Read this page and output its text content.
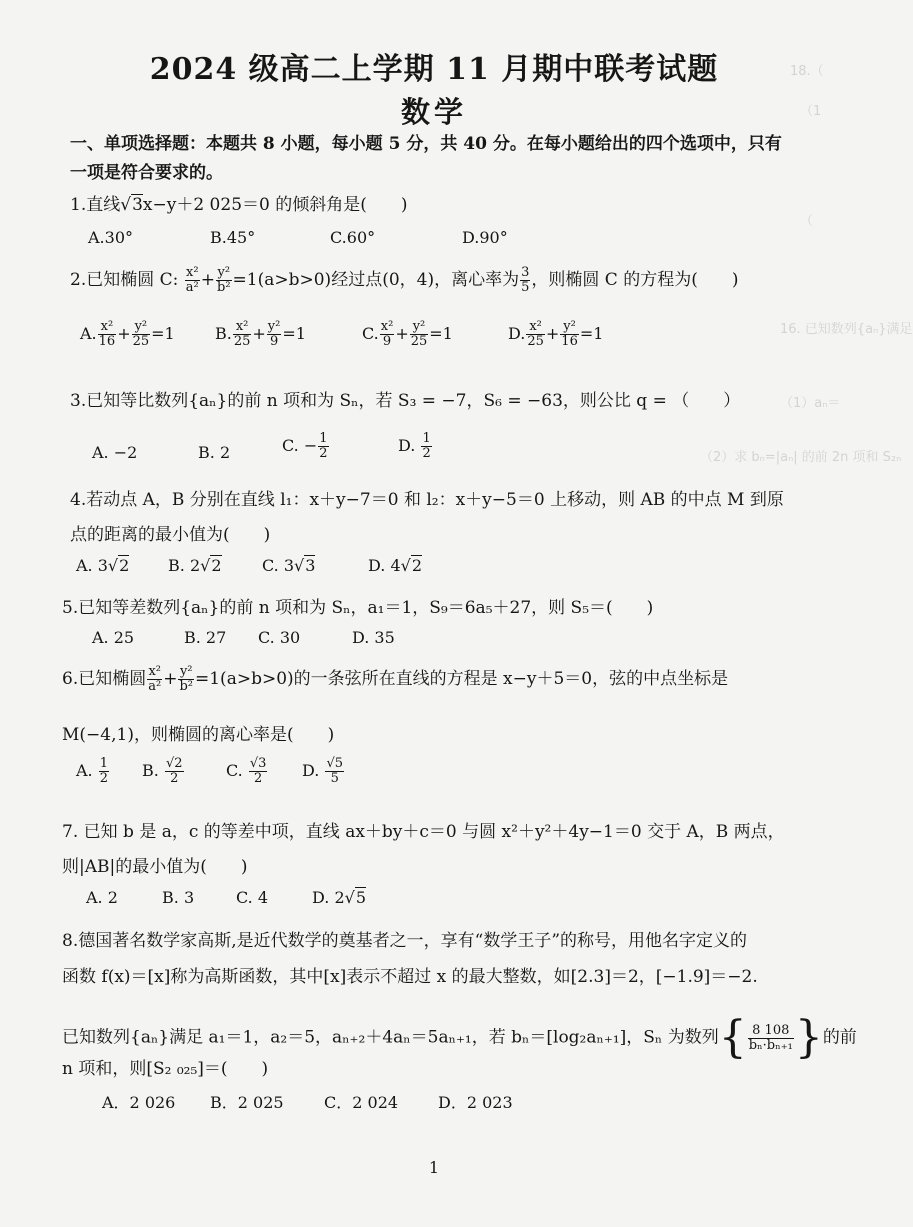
18.（
（1
（
16. 已知数列{aₙ}满足
（1）aₙ＝
（2）求 bₙ=|aₙ| 的前 2n 项和 S₂ₙ
2024 级高二上学期 11 月期中联考试题
数学
一、单项选择题：本题共 8 小题，每小题 5 分，共 40 分。在每小题给出的四个选项中，只有一项是符合要求的。
1.直线√3x−y＋2 025＝0 的倾斜角是(　　)
A.30°	B.45°	C.60°	D.90°
2.已知椭圆 C: $\frac{\text{x²}}{\text{a²}} + \frac{\text{y²}}{\text{b²}} =1(a>b>0)$经过点(0，4)，离心率为 $\frac{3}{5}$ ，则椭圆 C 的方程为(　　)
A. $\frac{\text{x²}}{16} + \frac{\text{y²}}{25} =1$	B. $\frac{\text{x²}}{25} + \frac{\text{y²}}{9} =1$	C. $\frac{\text{x²}}{9} + \frac{\text{y²}}{25} =1$	D. $\frac{\text{x²}}{25} + \frac{\text{y²}}{16} =1$
3.已知等比数列{aₙ}的前 n 项和为 Sₙ，若 S₃ = −7，S₆ = −63，则公比 q = （　　）
A. −2	B. 2	C. − $\frac{1}{2}$	D. $\frac{1}{2}$
4.若动点 A，B 分别在直线 l₁：x＋y−7＝0 和 l₂：x＋y−5＝0 上移动，则 AB 的中点 M 到原
点的距离的最小值为(　　)
A. 3√2 B. 2√2	C. 3√3	D. 4√2
5.已知等差数列{aₙ}的前 n 项和为 Sₙ，a₁＝1，S₉＝6a₅＋27，则 S₅＝(　　)
A. 25	B. 27 C. 30	D. 35
6.已知椭圆 $\frac{\text{x²}}{\text{a²}} + \frac{\text{y²}}{\text{b²}} =1(a>b>0)$的一条弦所在直线的方程是 x−y＋5＝0，弦的中点坐标是
M(−4,1)，则椭圆的离心率是(　　)
A. $\frac{1}{2} B$. $\frac{√2}{2}$	C. $\frac{√3}{2} D$. $\frac{√5}{5}$
7. 已知 b 是 a，c 的等差中项，直线 ax＋by＋c＝0 与圆 x²＋y²＋4y−1＝0 交于 A，B 两点，
则|AB|的最小值为(　　)
A. 2	B. 3	C. 4	D. 2√5
8.德国著名数学家高斯,是近代数学的奠基者之一，享有“数学王子”的称号，用他名字定义的
函数 f(x)＝[x]称为高斯函数，其中[x]表示不超过 x 的最大整数，如[2.3]＝2，[−1.9]＝−2.
已知数列{aₙ}满足 a₁＝1，a₂＝5，aₙ₊₂＋4aₙ＝5aₙ₊₁，若 bₙ＝[log₂aₙ₊₁]，Sₙ 为数列{ $\frac{8 108}{\text{bₙ·bₙ₊₁}}$ }的前
n 项和，则[S₂ ₀₂₅]＝(　　)
A．2 026 B．2 025	C．2 024 D．2 023
1
